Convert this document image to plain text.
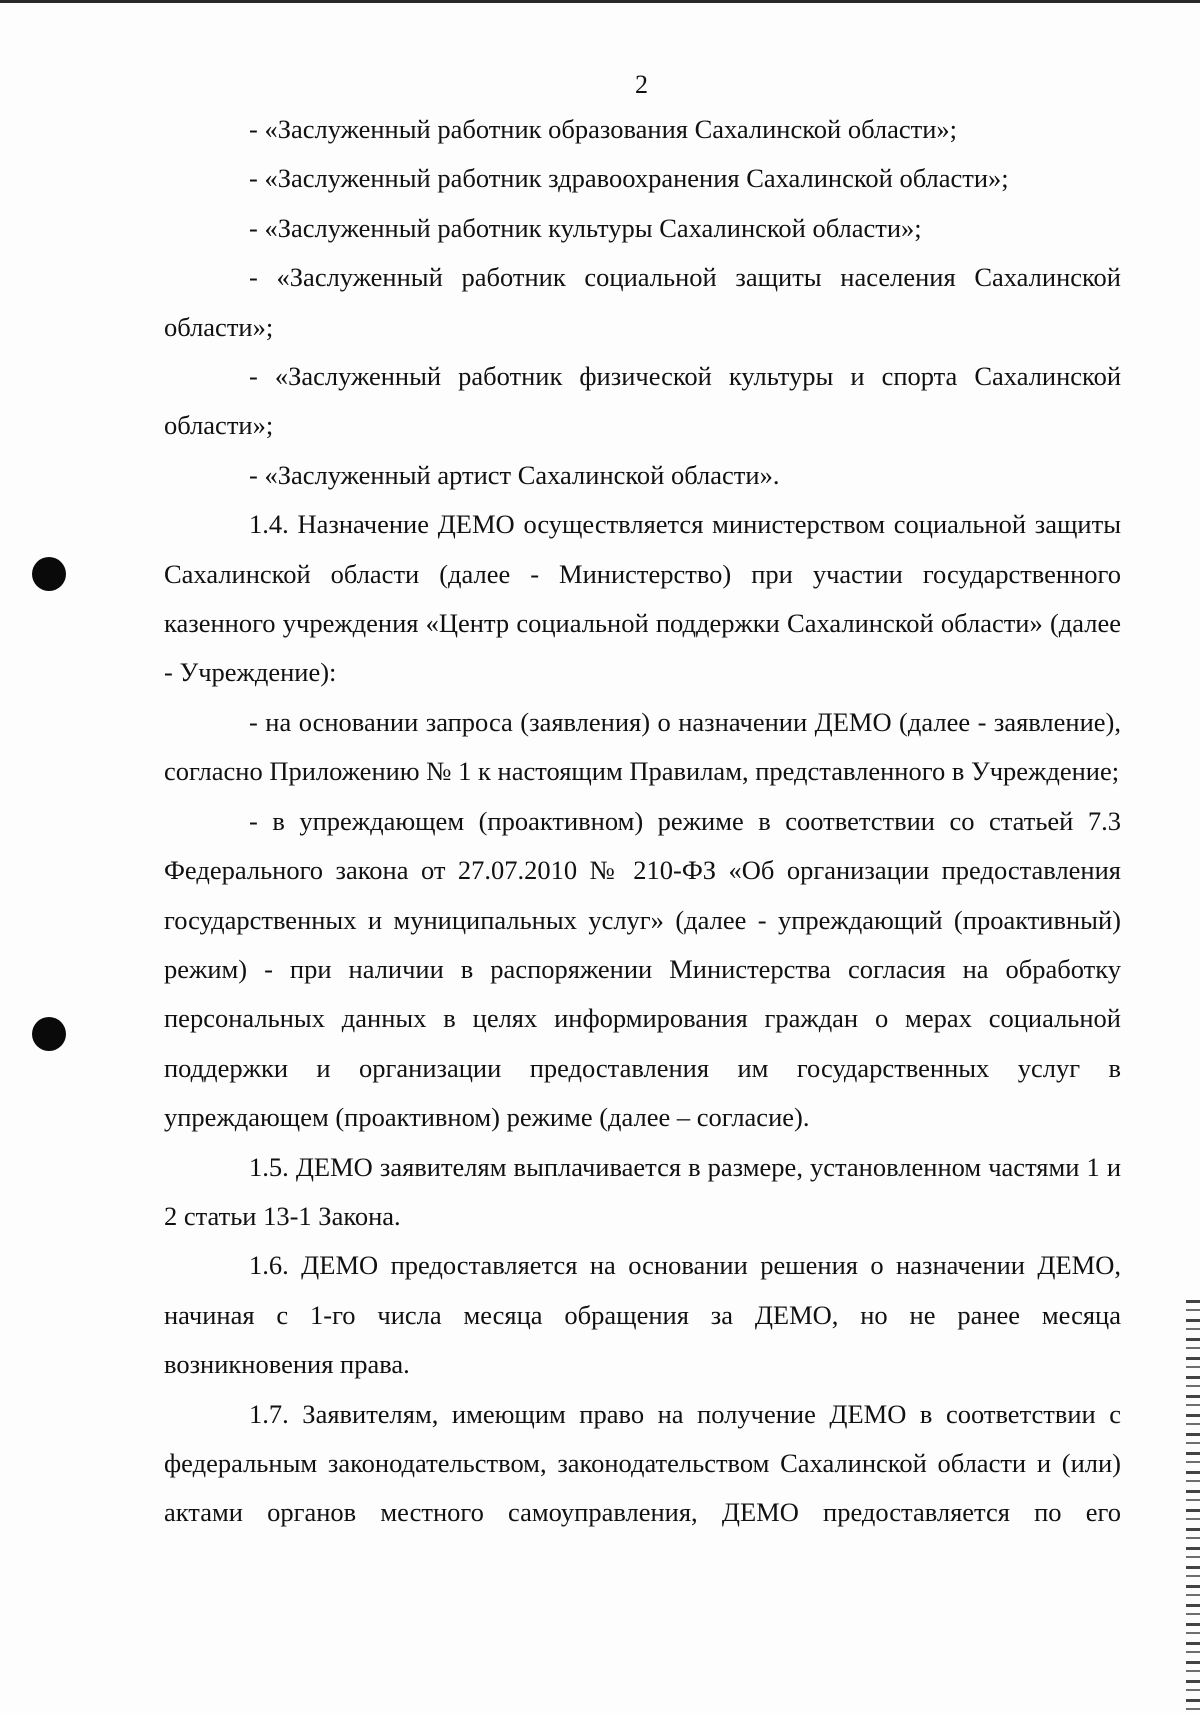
2

- «Заслуженный работник образования Сахалинской области»;

- «Заслуженный работник здравоохранения Сахалинской области»;

- «Заслуженный работник культуры Сахалинской области»;

- «Заслуженный работник социальной защиты населения Сахалинской области»;

- «Заслуженный работник физической культуры и спорта Сахалинской области»;

- «Заслуженный артист Сахалинской области».

1.4. Назначение ДЕМО осуществляется министерством социальной защиты Сахалинской области (далее - Министерство) при участии государственного казенного учреждения «Центр социальной поддержки Сахалинской области» (далее - Учреждение):

- на основании запроса (заявления) о назначении ДЕМО (далее - заявление), согласно Приложению № 1 к настоящим Правилам, представленного в Учреждение;

- в упреждающем (проактивном) режиме в соответствии со статьей 7.3 Федерального закона от 27.07.2010 № 210-ФЗ «Об организации предоставления государственных и муниципальных услуг» (далее - упреждающий (проактивный) режим) - при наличии в распоряжении Министерства согласия на обработку персональных данных в целях информирования граждан о мерах социальной поддержки и организации предоставления им государственных услуг в упреждающем (проактивном) режиме (далее – согласие).

1.5. ДЕМО заявителям выплачивается в размере, установленном частями 1 и 2 статьи 13-1 Закона.

1.6. ДЕМО предоставляется на основании решения о назначении ДЕМО, начиная с 1-го числа месяца обращения за ДЕМО, но не ранее месяца возникновения права.

1.7. Заявителям, имеющим право на получение ДЕМО в соответствии с федеральным законодательством, законодательством Сахалинской области и (или) актами органов местного самоуправления, ДЕМО предоставляется по его
